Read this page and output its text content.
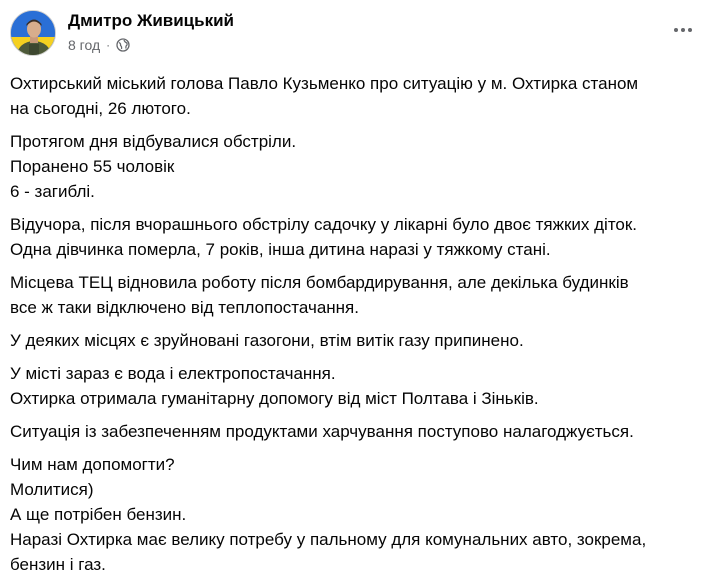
Дмитро Живицький
8 год ·
Охтирський міський голова Павло Кузьменко про ситуацію у м. Охтирка станом
на сьогодні, 26 лютого.
Протягом дня відбувалися обстріли.
Поранено 55 чоловік
6 - загиблі.
Відучора, після вчорашнього обстрілу садочку у лікарні було двоє тяжких діток.
Одна дівчинка померла, 7 років, інша дитина наразі у тяжкому стані.
Місцева ТЕЦ відновила роботу після бомбардирування, але декілька будинків
все ж таки відключено від теплопостачання.
У деяких місцях є зруйновані газогони, втім витік газу припинено.
У місті зараз є вода і електропостачання.
Охтирка отримала гуманітарну допомогу від міст Полтава і Зіньків.
Ситуація із забезпеченням продуктами харчування поступово налагоджується.
Чим нам допомогти?
Молитися)
А ще потрібен бензин.
Наразі Охтирка має велику потребу у пальному для комунальних авто, зокрема,
бензин і газ.
